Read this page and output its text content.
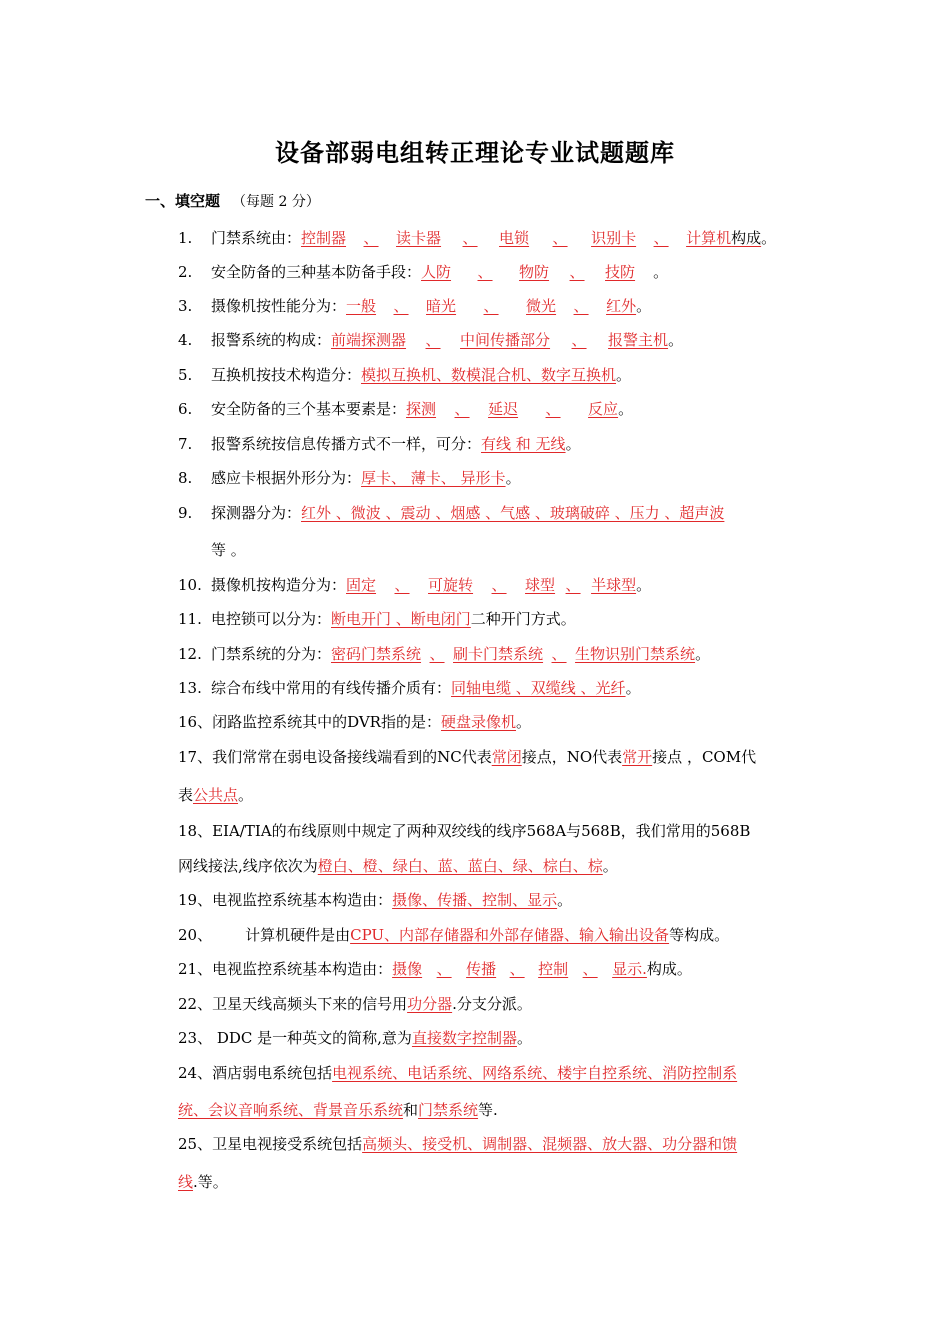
设备部弱电组转正理论专业试题题库
一、填空题 （每题 2 分）
1. 门禁系统由：控制器 、 读卡器 、 电锁 、 识别卡 、 计算机构成。
2. 安全防备的三种基本防备手段：人防 、 物防 、 技防 。
3. 摄像机按性能分为：一般 、 暗光 、 微光 、 红外。
4. 报警系统的构成：前端探测器 、 中间传播部分 、 报警主机。
5. 互换机按技术构造分：模拟互换机、数模混合机、数字互换机。
6. 安全防备的三个基本要素是：探测 、 延迟 、 反应。
7. 报警系统按信息传播方式不一样，可分：有线 和 无线。
8. 感应卡根据外形分为：厚卡、 薄卡、 异形卡。
9. 探测器分为：红外 、微波 、震动 、烟感 、气感 、玻璃破碎 、压力 、超声波
等 。
10. 摄像机按构造分为：固定 、 可旋转 、 球型 、 半球型。
11. 电控锁可以分为：断电开门 、断电闭门二种开门方式。
12. 门禁系统的分为：密码门禁系统 、 刷卡门禁系统 、 生物识别门禁系统。
13. 综合布线中常用的有线传播介质有：同轴电缆 、双缆线 、光纤。
16、闭路监控系统其中的DVR指的是：硬盘录像机。
17、我们常常在弱电设备接线端看到的NC代表常闭接点，NO代表常开接点 ，COM代
表公共点。
18、EIA/TIA的布线原则中规定了两种双绞线的线序568A与568B，我们常用的568B
网线接法,线序依次为橙白、橙、绿白、蓝、蓝白、绿、棕白、棕。
19、电视监控系统基本构造由：摄像、传播、控制、显示。
20、 计算机硬件是由CPU、内部存储器和外部存储器、输入输出设备等构成。
21、电视监控系统基本构造由：摄像 、 传播 、 控制 、 显示.构成。
22、卫星天线高频头下来的信号用功分器.分支分派。
23、 DDC 是一种英文的简称,意为直接数字控制器。
24、酒店弱电系统包括电视系统、电话系统、网络系统、楼宇自控系统、消防控制系
统、会议音响系统、背景音乐系统和门禁系统等.
25、卫星电视接受系统包括高频头、接受机、调制器、混频器、放大器、功分器和馈
线.等。
